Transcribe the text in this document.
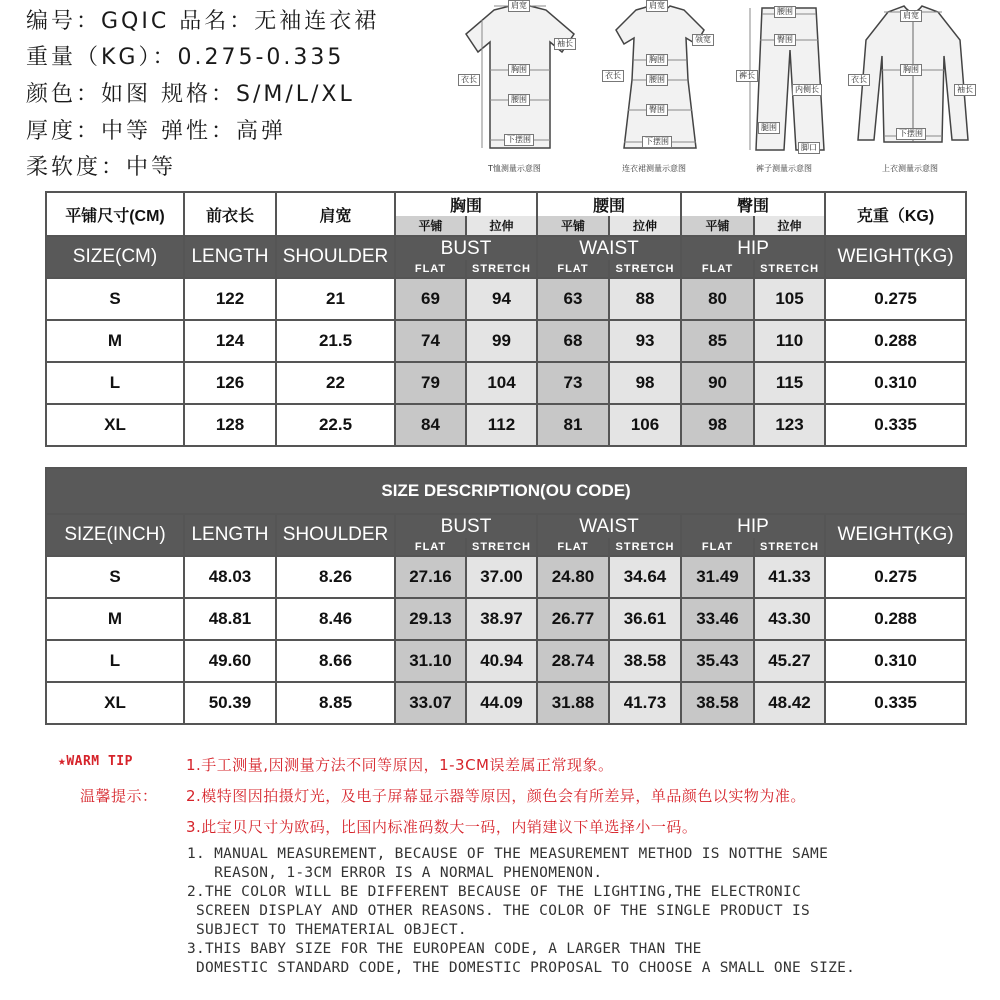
编号：GQIC 品名：无袖连衣裙
重量（KG）：0.275-0.335
颜色：如图 规格：S/M/L/XL
厚度：中等 弹性：高弹
柔软度：中等
肩宽
袖长
衣长
胸围
腰围
下摆围
T恤测量示意图
肩宽
领宽
衣长
胸围
腰围
臀围
下摆围
连衣裙测量示意图
腰围
裤长
臀围
内侧长
腿围
脚口
裤子测量示意图
肩宽
袖长
衣长
胸围
下摆围
上衣测量示意图
平铺尺寸(CM)	前衣长	肩宽	胸围		腰围		臀围		克重（KG)
			平铺	拉伸	平铺	拉伸	平铺	拉伸	
SIZE(CM)	LENGTH	SHOULDER	BUST		WAIST		HIP		WEIGHT(KG)
			FLAT	STRETCH	FLAT	STRETCH	FLAT	STRETCH	
S	122	21	69	94	63	88	80	105	0.275
M	124	21.5	74	99	68	93	85	110	0.288
L	126	22	79	104	73	98	90	115	0.310
XL	128	22.5	84	112	81	106	98	123	0.335
SIZE DESCRIPTION(OU CODE)									
SIZE(INCH)	LENGTH	SHOULDER	BUST		WAIST		HIP		WEIGHT(KG)
			FLAT	STRETCH	FLAT	STRETCH	FLAT	STRETCH	
S	48.03	8.26	27.16	37.00	24.80	34.64	31.49	41.33	0.275
M	48.81	8.46	29.13	38.97	26.77	36.61	33.46	43.30	0.288
L	49.60	8.66	31.10	40.94	28.74	38.58	35.43	45.27	0.310
XL	50.39	8.85	33.07	44.09	31.88	41.73	38.58	48.42	0.335
★WARM TIP
温馨提示：
1.手工测量,因测量方法不同等原因，1-3CM误差属正常现象。
2.模特图因拍摄灯光，及电子屏幕显示器等原因，颜色会有所差异，单品颜色以实物为准。
3.此宝贝尺寸为欧码，比国内标准码数大一码，内销建议下单选择小一码。
1. MANUAL MEASUREMENT, BECAUSE OF THE MEASUREMENT METHOD IS NOTTHE SAME
REASON, 1-3CM ERROR IS A NORMAL PHENOMENON.
2.THE COLOR WILL BE DIFFERENT BECAUSE OF THE LIGHTING,THE ELECTRONIC
SCREEN DISPLAY AND OTHER REASONS. THE COLOR OF THE SINGLE PRODUCT IS
SUBJECT TO THEMATERIAL OBJECT.
3.THIS BABY SIZE FOR THE EUROPEAN CODE, A LARGER THAN THE
DOMESTIC STANDARD CODE, THE DOMESTIC PROPOSAL TO CHOOSE A SMALL ONE SIZE.
